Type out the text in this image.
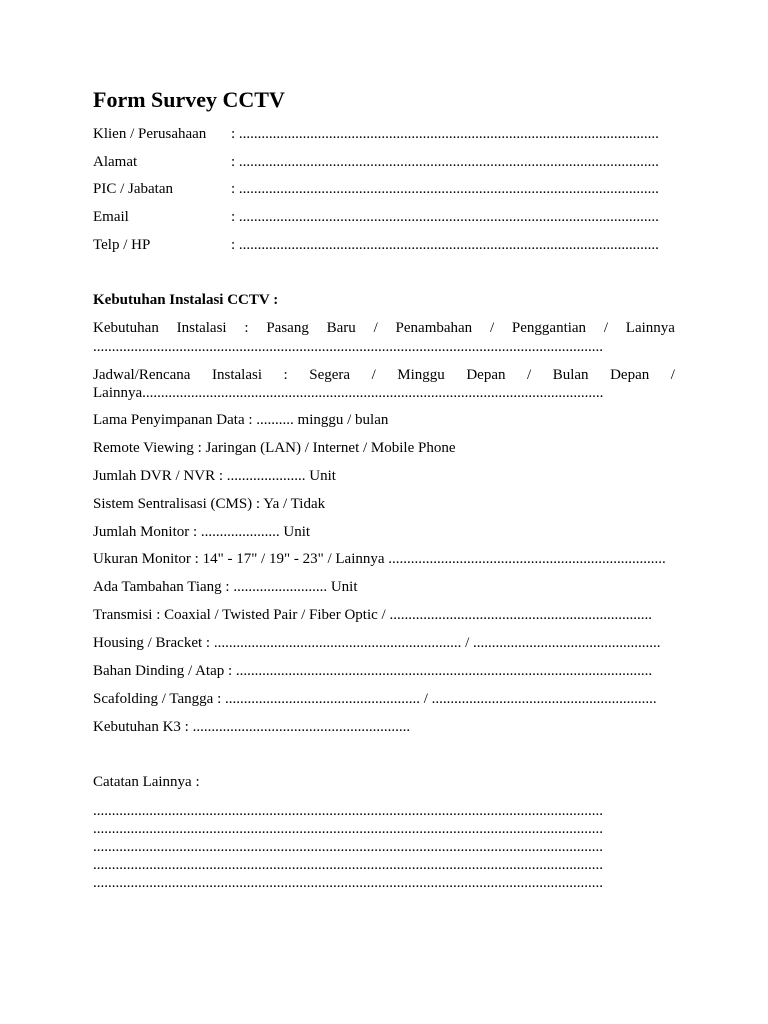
Form Survey CCTV
Klien / Perusahaan : ................................................................................................................
Alamat	: ................................................................................................................
PIC / Jabatan	: ................................................................................................................
Email	: ................................................................................................................
Telp / HP	: ................................................................................................................
Kebutuhan Instalasi CCTV :
Kebutuhan Instalasi : Pasang Baru / Penambahan / Penggantian / Lainnya
........................................................................................................................................
Jadwal/Rencana Instalasi : Segera / Minggu Depan / Bulan Depan /
Lainnya...........................................................................................................................
Lama Penyimpanan Data : .......... minggu / bulan
Remote Viewing : Jaringan (LAN) / Internet / Mobile Phone
Jumlah DVR / NVR : ..................... Unit
Sistem Sentralisasi (CMS) : Ya / Tidak
Jumlah Monitor : ..................... Unit
Ukuran Monitor : 14" - 17" / 19" - 23" / Lainnya ..........................................................................
Ada Tambahan Tiang : ......................... Unit
Transmisi : Coaxial / Twisted Pair / Fiber Optic / ......................................................................
Housing / Bracket : .................................................................. / ..................................................
Bahan Dinding / Atap : ...............................................................................................................
Scafolding / Tangga : .................................................... / ............................................................
Kebutuhan K3 : ..........................................................
Catatan Lainnya :
........................................................................................................................................
........................................................................................................................................
........................................................................................................................................
........................................................................................................................................
........................................................................................................................................
